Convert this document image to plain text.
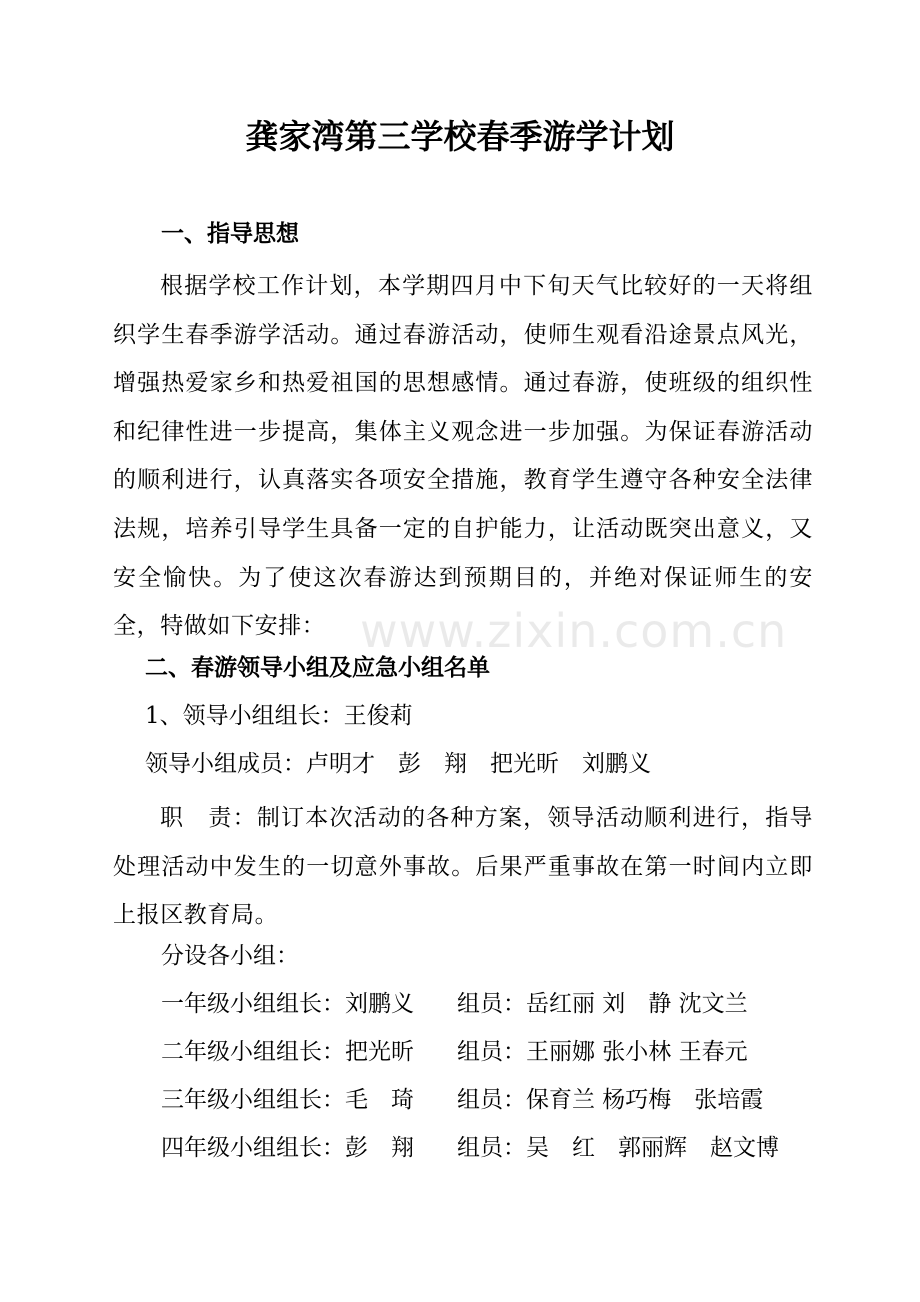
龚家湾第三学校春季游学计划
一、指导思想

根据学校工作计划，本学期四月中下旬天气比较好的一天将组织学生春季游学活动。通过春游活动，使师生观看沿途景点风光，增强热爱家乡和热爱祖国的思想感情。通过春游，使班级的组织性和纪律性进一步提高，集体主义观念进一步加强。为保证春游活动的顺利进行，认真落实各项安全措施，教育学生遵守各种安全法律法规，培养引导学生具备一定的自护能力，让活动既突出意义，又安全愉快。为了使这次春游达到预期目的，并绝对保证师生的安全，特做如下安排：

二、春游领导小组及应急小组名单
1、领导小组组长：王俊莉
领导小组成员：卢明才　彭　翔　把光昕　刘鹏义

职　责：制订本次活动的各种方案，领导活动顺利进行，指导处理活动中发生的一切意外事故。后果严重事故在第一时间内立即上报区教育局。

分设各小组：
一年级小组组长：刘鹏义 组员：岳红丽 刘　静 沈文兰
二年级小组组长：把光昕 组员：王丽娜 张小林 王春元
三年级小组组长：毛　琦 组员：保育兰 杨巧梅　张培霞
四年级小组组长：彭　翔 组员：吴　红　郭丽辉　赵文博
www.zixin.com.cn
